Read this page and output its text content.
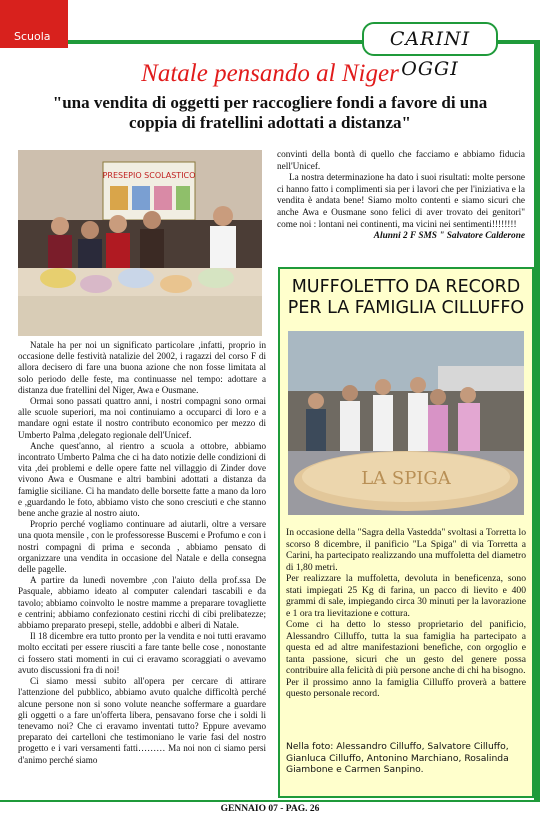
Scuola	CARINI OGGI
Natale pensando al Niger
"una vendita di oggetti per raccogliere fondi a favore di una coppia di fratellini adottati a distanza"
PRESEPIO SCOLASTICO

convinti della bontà di quello che facciamo e abbiamo fiducia nell'Unicef.

La nostra determinazione ha dato i suoi risultati: molte persone ci hanno fatto i complimenti sia per i lavori che per l'iniziativa e la vendita è andata bene! Siamo molto contenti e siamo sicuri che anche Awa e Ousmane sono felici di aver trovato dei genitori" come noi : lontani nei continenti, ma vicini nei sentimenti!!!!!!!!

Alunni 2 F SMS " Salvatore Calderone

MUFFOLETTO DA RECORD PER LA FAMIGLIA CILLUFFO
LA SPIGA

In occasione della "Sagra della Vastedda" svoltasi a Torretta lo scorso 8 dicembre, il panificio "La Spiga" di via Torretta a Carini, ha partecipato realizzando una muffoletta del diametro di 1,80 metri.

Per realizzare la muffoletta, devoluta in beneficenza, sono stati impiegati 25 Kg di farina, un pacco di lievito e 400 grammi di sale, impiegando circa 30 minuti per la lavorazione e 1 ora tra lievitazione e cottura.

Come ci ha detto lo stesso proprietario del panificio, Alessandro Cilluffo, tutta la sua famiglia ha partecipato a questa ed ad altre manifestazioni benefiche, con orgoglio e tanta passione, sicuri che un gesto del genere possa contribuire alla felicità di più persone anche di chi ha bisogno.

Per il prossimo anno la famiglia Cilluffo proverà a battere questo personale record.

Nella foto: Alessandro Cilluffo, Salvatore Cilluffo, Gianluca Cilluffo, Antonino Marchiano, Rosalinda Giambone e Carmen Sanpino.

Natale ha per noi un significato particolare ,infatti, proprio in occasione delle festività natalizie del 2002, i ragazzi del corso F di allora decisero di fare una buona azione che non fosse limitata al solo periodo delle feste, ma continuasse nel tempo: adottare a distanza due fratellini del Niger, Awa e Ousmane.

Ormai sono passati quattro anni, i nostri compagni sono ormai alle scuole superiori, ma noi continuiamo a occuparci di loro e a mandare ogni estate il nostro contributo economico per mezzo di Umberto Palma ,delegato regionale dell'Unicef.

Anche quest'anno, al rientro a scuola a ottobre, abbiamo incontrato Umberto Palma che ci ha dato notizie delle condizioni di vita ,dei problemi e delle opere fatte nel villaggio di Zinder dove vivono Awa e Ousmane e altri bambini adottati a distanza da famiglie siciliane. Ci ha mandato delle borsette fatte a mano da loro e ,guardando le foto, abbiamo visto che sono cresciuti e che stanno bene anche grazie al nostro aiuto.

Proprio perché vogliamo continuare ad aiutarli, oltre a versare una quota mensile , con le professoresse Buscemi e Profumo e con i nostri compagni di prima e seconda , abbiamo pensato di organizzare una vendita in occasione del Natale e della consegna delle pagelle.

A partire da lunedì novembre ,con l'aiuto della prof.ssa De Pasquale, abbiamo ideato al computer calendari tascabili e da tavolo; abbiamo coinvolto le nostre mamme a preparare tovagliette e centrini; abbiamo confezionato cestini ricchi di cibi prelibatezze; abbiamo preparato presepi, stelle, addobbi e alberi di Natale.

Il 18 dicembre era tutto pronto per la vendita e noi tutti eravamo molto eccitati per essere riusciti a fare tante belle cose , nonostante ci fossero stati momenti in cui ci eravamo scoraggiati o avevamo avuto discussioni fra di noi!

Ci siamo messi subito all'opera per cercare di attirare l'attenzione del pubblico, abbiamo avuto qualche difficoltà perché alcune persone non si sono volute neanche soffermare a guardare gli oggetti o a fare un'offerta libera, pensavano forse che i soldi li tenevamo noi? Che ci eravamo inventati tutto? Eppure avevamo preparato dei cartelloni che testimoniano le varie fasi del nostro progetto e i vari versamenti fatti……… Ma noi non ci siamo persi d'animo perché siamo

GENNAIO 07 - PAG. 26
